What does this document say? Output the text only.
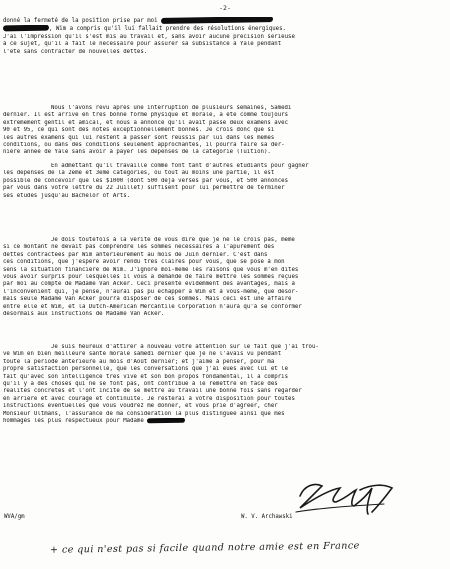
-2-
donné la fermeté de la position prise par moi
, Wim a compris qu'il lui fallait prendre des résolutions énergiques.
J'ai l'impression qu'il s'est mis au travail et, sans avoir aucune précision sérieuse
à ce sujet, qu'il a fait le nécessaire pour assurer sa subsistance à Yale pendant
l'été sans contracter de nouvelles dettes.
Nous l'avons revu après une interruption de plusieurs semaines, Samedi
dernier. Il est arrivé en très bonne forme physique et morale, a été comme toujours
extrêmement gentil et amical, et nous a annoncé qu'il avait passé deux examens avec
90 et 95, ce qui sont des notes exceptionnellement bonnes. Je crois donc que si
les autres examens qui lui restent à passer sont réussis par lui dans les mêmes
conditions, ou dans des conditions seulement approchantes, il pourra faire sa der-
nière année de Yale sans avoir à payer les dépenses de la catégorie (Tuition).
En admettant qu'il travaille comme font tant d'autres étudiants pour gagner
les dépenses de la 2ème et 3ème catégories, ou tout au moins une partie, il est
possible de concevoir que les $1000 (dont 500 déjà versés par vous, et 500 annoncés
par vous dans votre lettre du 22 Juillet) suffisent pour lui permettre de terminer
ses études jusqu'au Bachelor of Arts.
Je dois toutefois à la vérité de vous dire que je ne le crois pas, même
si ce montant ne devait pas comprendre les sommes nécessaires à l'apurement des
dettes contractées par Wim antérieurement au mois de Juin dernier. C'est dans
ces conditions, que j'espère avoir rendu très claires pour vous, que se pose à mon
sens la situation financière de Wim. J'ignore moi-même les raisons que vous m'en dites
vous avoir surpris pour lesquelles il vous a demandé de faire mettre les sommes reçues
par moi au compte de Madame Van Acker. Ceci présente évidemment des avantages, mais à
l'inconvénient qui, je pense, n'aurai pas pu échapper à Wim et à vous-même, que désor-
mais seule Madame Van Acker pourra disposer de ces sommes. Mais ceci est une affaire
entre elle et Wim, et la Dutch-American Mercantile Corporation n'aura qu'à se conformer
désormais aux instructions de Madame Van Acker.
Je suis heureux d'attirer à nouveau votre attention sur le fait que j'ai trou-
vé Wim en bien meilleure santé morale samedi dernier que je ne l'avais vu pendant
toute la période antérieure au mois d'Août dernier; et j'aime à penser, pour ma
propre satisfaction personnelle, que les conversations que j'ai eues avec lui et le
fait qu'avec son intelligence très vive et son bon propos fondamental, il a compris
qu'il y a des choses qui ne se font pas, ont contribué à le remettre en face des
réalités concrètes et l'ont incité de se mettre au travail une bonne fois sans regarder
en arrière et avec courage et continuité. Je resterai à votre disposition pour toutes
instructions éventuelles que vous voudrez me donner, et vous prie d'agréer, cher
Monsieur Oltmans, l'assurance de ma considération la plus distinguée ainsi que mes
hommages les plus respectueux pour Madame
WVA/gm	W. V. Archawski
+ ce qui n'est pas si facile quand notre amie est en France
